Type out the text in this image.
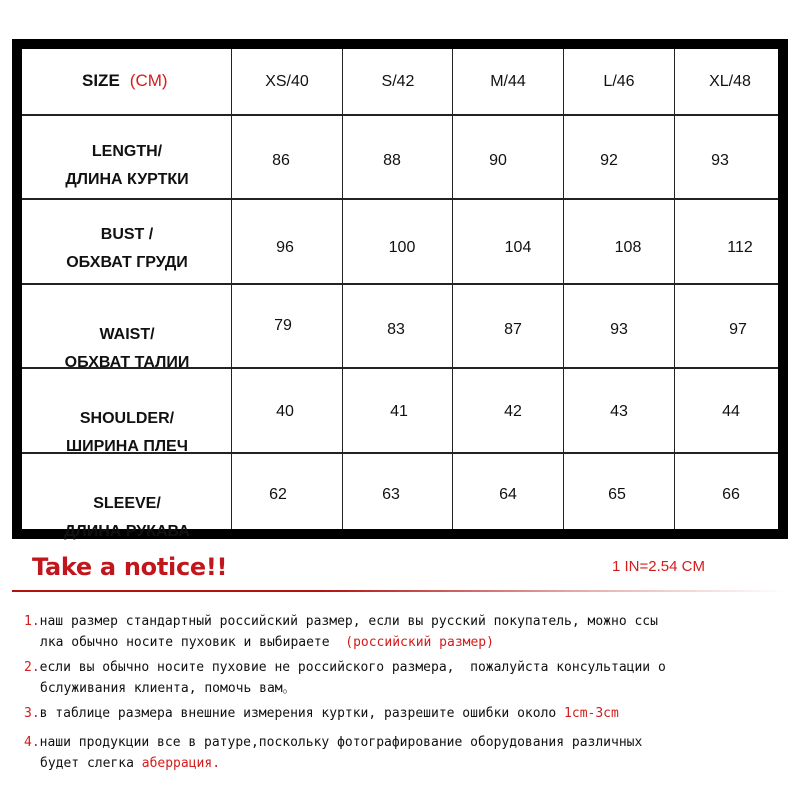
SIZE (CM)	XS/40	S/42	M/44	L/46	XL/48
LENGTH/
ДЛИНА КУРТКИ
86	88	90	92	93
BUST /
ОБХВАТ ГРУДИ
96	100	104	108	112
WAIST/
ОБХВАТ ТАЛИИ
79	83	87	93	97
SHOULDER/
ШИРИНА ПЛЕЧ
40	41	42	43	44
SLEEVE/
ДЛИНА РУКАВА
62	63	64	65	66
Take a notice!!	1 IN=2.54 CM
1.наш размер стандартный российский размер, если вы русский покупатель, можно ссы
лка обычно носите пуховик и выбираете  (российский размер)
2.если вы обычно носите пуховие не российского размера,  пожалуйста консультации о
бслуживания клиента, помочь вам。
3.в таблице размера внешние измерения куртки, разрешите ошибки около 1cm-3cm
4.наши продукции все в ратуре,поскольку фотографирование оборудования различных
будет слегка аберрация.
